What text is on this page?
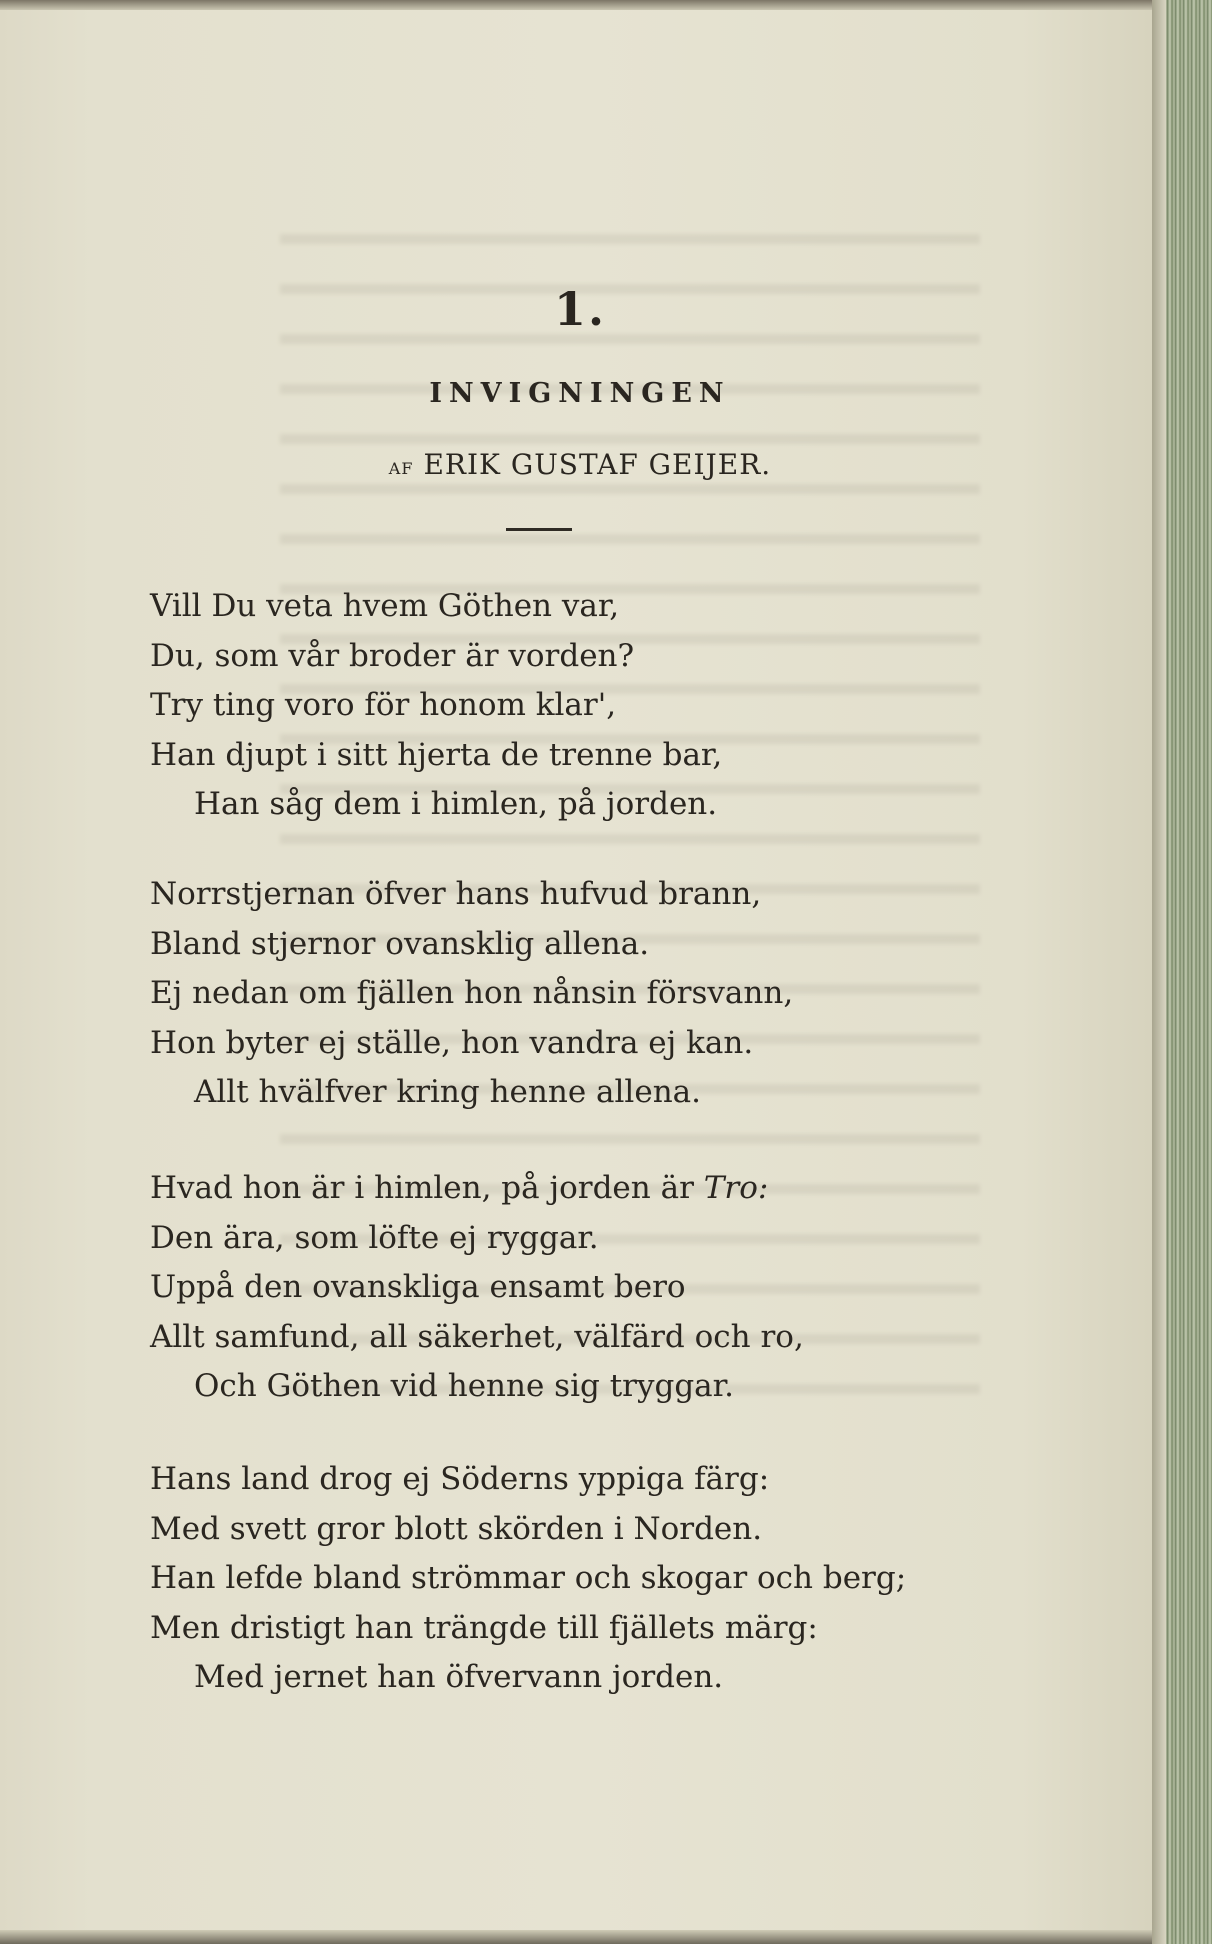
1.
INVIGNINGEN
AF ERIK GUSTAF GEIJER.
Vill Du veta hvem Göthen var,
Du, som vår broder är vorden?
Try ting voro för honom klar',
Han djupt i sitt hjerta de trenne bar,
Han såg dem i himlen, på jorden.
Norrstjernan öfver hans hufvud brann,
Bland stjernor ovansklig allena.
Ej nedan om fjällen hon nånsin försvann,
Hon byter ej ställe, hon vandra ej kan.
Allt hvälfver kring henne allena.
Hvad hon är i himlen, på jorden är Tro:
Den ära, som löfte ej ryggar.
Uppå den ovanskliga ensamt bero
Allt samfund, all säkerhet, välfärd och ro,
Och Göthen vid henne sig tryggar.
Hans land drog ej Söderns yppiga färg:
Med svett gror blott skörden i Norden.
Han lefde bland strömmar och skogar och berg;
Men dristigt han trängde till fjällets märg:
Med jernet han öfvervann jorden.
